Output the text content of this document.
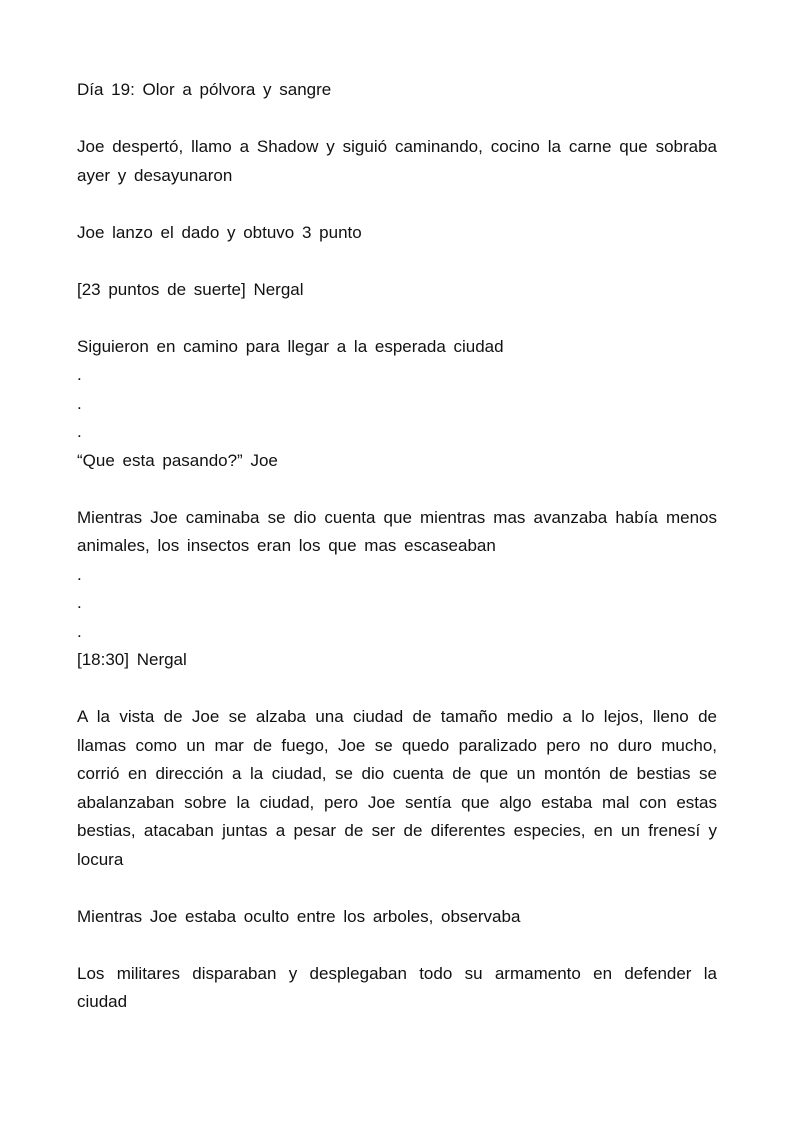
Día 19: Olor a pólvora y sangre

Joe despertó, llamo a Shadow y siguió caminando, cocino la carne que sobraba ayer y desayunaron

Joe lanzo el dado y obtuvo 3 punto

[23 puntos de suerte] Nergal

Siguieron en camino para llegar a la esperada ciudad

.

.

.

“Que esta pasando?” Joe

Mientras Joe caminaba se dio cuenta que mientras mas avanzaba había menos animales, los insectos eran los que mas escaseaban

.

.

.

[18:30] Nergal

A la vista de Joe se alzaba una ciudad de tamaño medio a lo lejos, lleno de llamas como un mar de fuego, Joe se quedo paralizado pero no duro mucho, corrió en dirección a la ciudad, se dio cuenta de que un montón de bestias se abalanzaban sobre la ciudad, pero Joe sentía que algo estaba mal con estas bestias, atacaban juntas a pesar de ser de diferentes especies, en un frenesí y locura

Mientras Joe estaba oculto entre los arboles, observaba

Los militares disparaban y desplegaban todo su armamento en defender la ciudad
